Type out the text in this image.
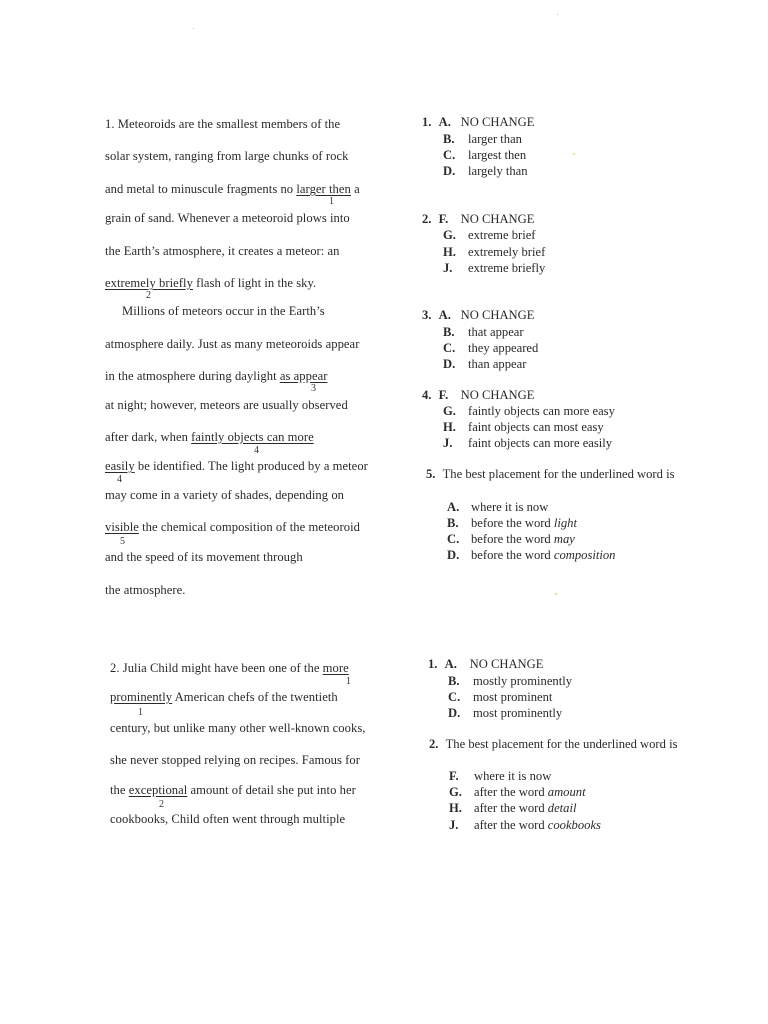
1. Meteoroids are the smallest members of the
solar system, ranging from large chunks of rock
and metal to minuscule fragments no larger then a
1
grain of sand. Whenever a meteoroid plows into
the Earth’s atmosphere, it creates a meteor: an
extremely briefly flash of light in the sky.
2
Millions of meteors occur in the Earth’s
atmosphere daily. Just as many meteoroids appear
in the atmosphere during daylight as appear
3
at night; however, meteors are usually observed
after dark, when faintly objects can more
4
easily be identified. The light produced by a meteor
4
may come in a variety of shades, depending on
visible the chemical composition of the meteoroid
5
and the speed of its movement through
the atmosphere.
1. A. NO CHANGE
B. larger than
C. largest then
D. largely than
2. F. NO CHANGE
G. extreme brief
H. extremely brief
J. extreme briefly
3. A. NO CHANGE
B. that appear
C. they appeared
D. than appear
4. F. NO CHANGE
G. faintly objects can more easy
H. faint objects can most easy
J. faint objects can more easily
5. The best placement for the underlined word is
A. where it is now
B. before the word light
C. before the word may
D. before the word composition
2. Julia Child might have been one of the more
1
prominently American chefs of the twentieth
1
century, but unlike many other well-known cooks,
she never stopped relying on recipes. Famous for
the exceptional amount of detail she put into her
2
cookbooks, Child often went through multiple
1. A. NO CHANGE
B. mostly prominently
C. most prominent
D. most prominently
2. The best placement for the underlined word is
F. where it is now
G. after the word amount
H. after the word detail
J. after the word cookbooks
